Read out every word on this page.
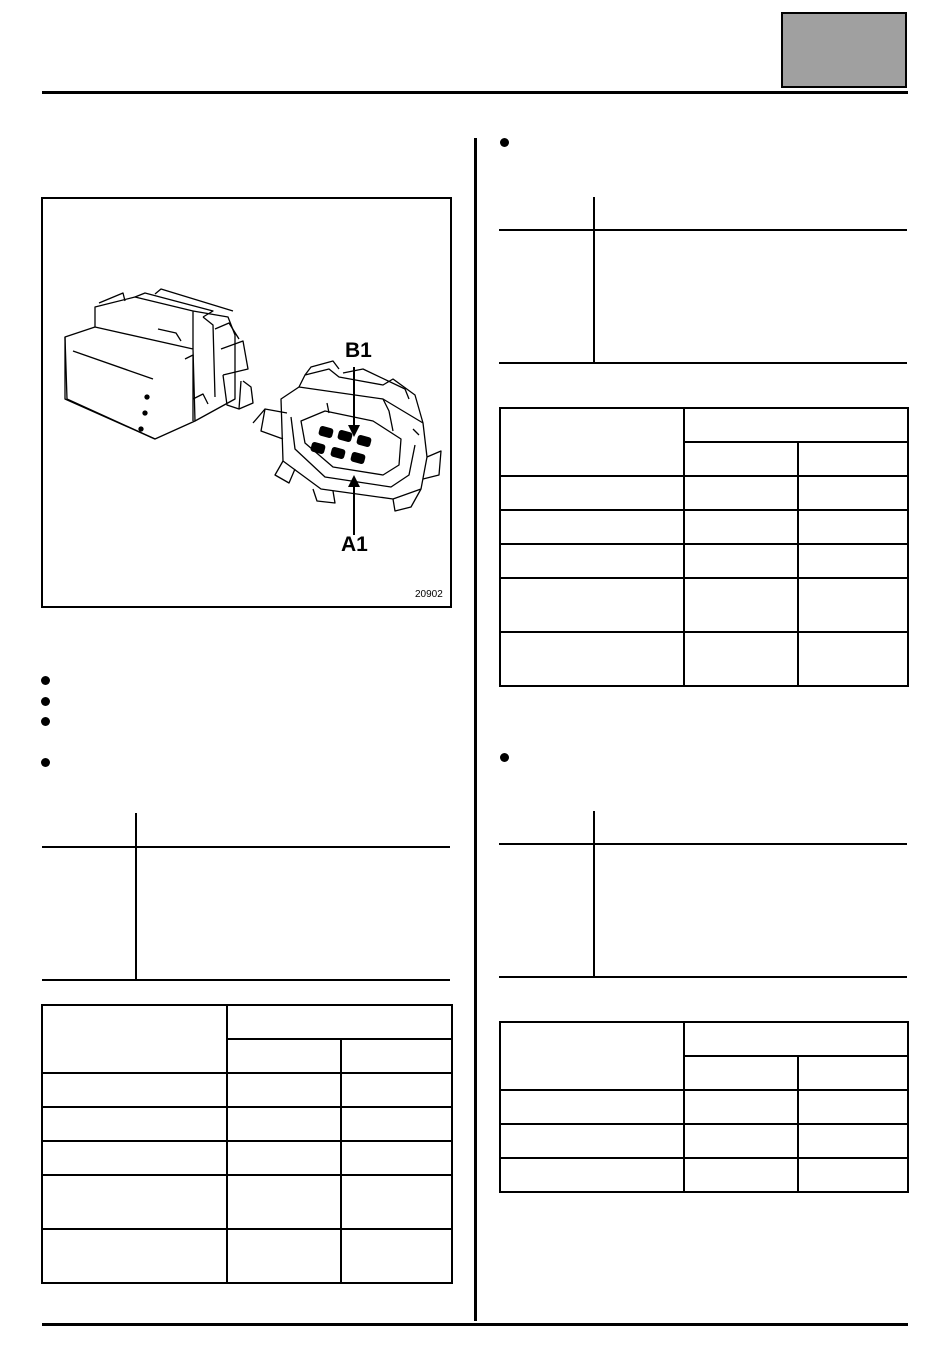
B1
A1
20902
